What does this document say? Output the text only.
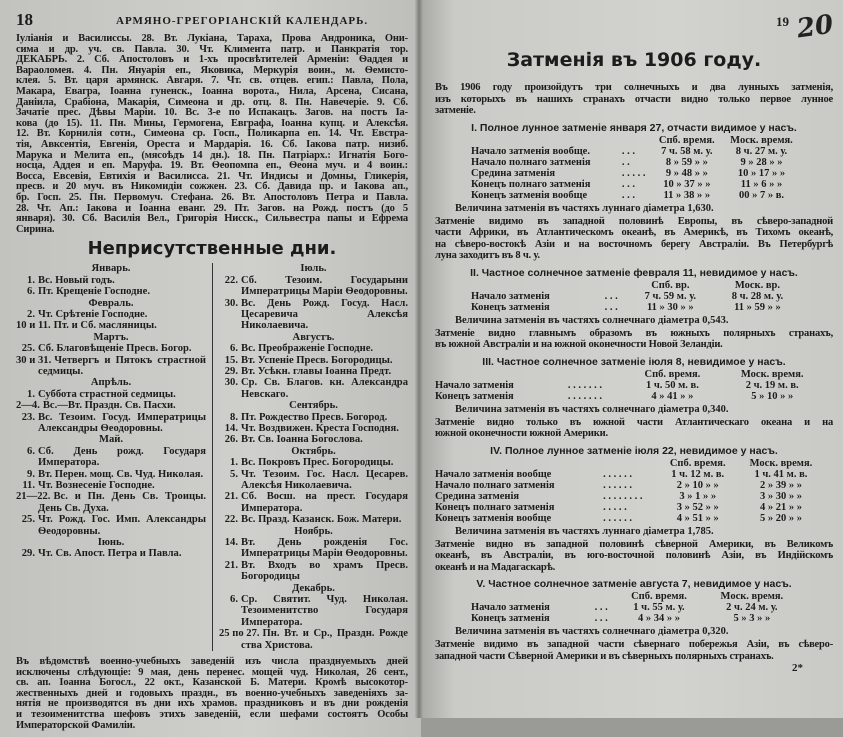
18	АРМЯНО-ГРЕГОРІАНСКІЙ КАЛЕНДАРЬ.
Іуліанія и Василиссы. 28. Вт. Лукіана, Тараха, Прова Андроника, Они-
сима и др. уч. св. Павла. 30. Чт. Климента патр. и Панкратія тор.
ДЕКАБРЬ. 2. Сб. Апостоловъ и 1-хъ просвѣтителей Арменіи: Ѳаддея и
Вараоломея. 4. Пн. Януарія еп., Яковика, Меркурія воин., м. Ѳемисто-
клея. 5. Вт. царя армянск. Авгаря. 7. Чт. св. отцев. егип.: Павла, Пола,
Макара, Евагра, Іоанна гуненск., Іоанна ворота., Нила, Арсена, Сисана,
Даніила, Срабіона, Макарія, Симеона и др. отц. 8. Пн. Навечеріе. 9. Сб.
Зачатіе прес. Дѣвы Маріи. 10. Вс. 3-е по Испакацъ. Загов. на постъ Іа-
кова (до 15). 11. Пн. Мины, Гермогена, Евграфа, Іоанна купц. и Алексѣя.
12. Вт. Корнилія сотн., Симеона ср. Госп., Поликарпа еп. 14. Чт. Евстра-
тія, Авксентія, Евгенія, Ореста и Мардарія. 16. Сб. Іакова патр. низиб.
Марука и Мелита еп., (мясоѣдъ 14 дн.). 18. Пн. Патріарх.: Игнатія Бого-
носца, Аддея и еп. Маруфа. 19. Вт. Ѳеопомпа еп., Ѳеона муч. и 4 воин.:
Восса, Евсевія, Евтихія и Василисса. 21. Чт. Индисы и Домны, Гликерія,
пресв. и 20 муч. въ Никомидіи сожжен. 23. Сб. Давида пр. и Іакова ап.,
бр. Госп. 25. Пн. Первомуч. Стефана. 26. Вт. Апостоловъ Петра и Павла.
28. Чт. Ап.: Іакова и Іоанна еванг. 29. Пт. Загов. на Рожд. постъ (до 5
января). 30. Сб. Василія Вел., Григорія Нисск., Сильвестра папы и Ефрема
Сирина.
Неприсутственные дни.
Январь.
1. Вс. Новый годъ.
6. Пт. Крещеніе Господне.
Февраль.
2. Чт. Срѣтеніе Господне.
10 и 11. Пт. и Сб. масляницы.
Мартъ.
25. Сб. Благовѣщеніе Пресв. Богор.
30 и 31. Четвергъ и Пятокъ страстной седмицы.
Апрѣль.
1. Суббота страстной седмицы.
2—4. Вс.—Вт. Праздн. Св. Пасхи.
23. Вс. Тезоим. Госуд. Императрицы Александры Ѳеодоровны.
Май.
6. Сб. День рожд. Государя Императора.
9. Вт. Перен. мощ. Св. Чуд. Николая.
11. Чт. Вознесеніе Господне.
21—22. Вс. и Пн. День Св. Троицы. День Св. Духа.
25. Чт. Рожд. Гос. Имп. Александры Ѳеодоровны.
Іюнь.
29. Чт. Св. Апост. Петра и Павла.
Іюль.
22. Сб. Тезоим. Государыни Императрицы Маріи Ѳеодоровны.
30. Вс. День Рожд. Госуд. Насл. Цесаревича Алексѣя Николаевича.
Августъ.
6. Вс. Преображеніе Господне.
15. Вт. Успеніе Пресв. Богородицы.
29. Вт. Усѣкн. главы Іоанна Предт.
30. Ср. Св. Благов. кн. Александра Невскаго.
Сентябрь.
8. Пт. Рождество Пресв. Богород.
14. Чт. Воздвижен. Креста Господня.
26. Вт. Св. Іоанна Богослова.
Октябрь.
1. Вс. Покровъ Прес. Богородицы.
5. Чт. Тезоим. Гос. Насл. Цесарев. Алексѣя Николаевича.
21. Сб. Восш. на прест. Государя Императора.
22. Вс. Празд. Казанск. Бож. Матери.
Ноябрь.
14. Вт. День рожденія Гос. Императрицы Маріи Ѳеодоровны.
21. Вт. Входъ во храмъ Пресв. Богородицы
Декабрь.
6. Ср. Святит. Чуд. Николая. Тезоименитство Государя Императора.
25 по 27. Пн. Вт. и Ср., Праздн. Рожде ства Христова.
Въ вѣдомствѣ военно-учебныхъ заведеній изъ числа празднуемыхъ дней
исключены слѣдующіе: 9 мая, день перенес. мощей чуд. Николая, 26 сент.,
св. ап. Іоанна Богосл., 22 окт., Казанской Б. Матери. Кромѣ высокотор-
жественныхъ дней и годовыхъ праздн., въ военно-учебныхъ заведеніяхъ за-
нятія не производятся въ дни ихъ храмов. праздниковъ и въ дни рожденія
и тезоименитства шефовъ этихъ заведеній, если шефами состоятъ Особы
Императорской Фамиліи.
19 20
Затменія въ 1906 году.
Въ 1906 году произойдутъ три солнечныхъ и два лунныхъ затменія,
изъ которыхъ въ нашихъ странахъ отчасти видно только первое лунное
затменіе.
I. Полное лунное затменіе января 27, отчасти видимое у насъ.
		Спб. время.	Моск. время.
Начало затменія вообще.	. . .	7 ч. 58 м. у.	8 ч. 27 м. у.
Начало полнаго затменія	. .	8 » 59 » »	9 » 28 » »
Средина затменія	. . . . .	9 » 48 » »	10 » 17 » »
Конецъ полнаго затменія	. . .	10 » 37 » »	11 » 6 » »
Конецъ затменія вообще	. . .	11 » 38 » »	00 » 7 » в.
Величина затменія въ частяхъ луннаго діаметра 1,630.
Затменіе видимо въ западной половинѣ Европы, въ сѣверо-западной
части Африки, въ Атлантическомъ океанѣ, въ Америкѣ, въ Тихомъ океанѣ,
на сѣверо-востокѣ Азіи и на восточномъ берегу Австраліи. Въ Петербургѣ
луна заходитъ въ 8 ч. у.
II. Частное солнечное затменіе февраля 11, невидимое у насъ.
		Спб. вр.	Моск. вр.
Начало затменія	. . .	7 ч. 59 м. у.	8 ч. 28 м. у.
Конецъ затменія	. . .	11 » 30 » »	11 » 59 » »
Величина затменія въ частяхъ солнечнаго діаметра 0,543.
Затменіе видно главнымъ образомъ въ южныхъ полярныхъ странахъ,
въ южной Австраліи и на южной оконечности Новой Зеландіи.
III. Частное солнечное затменіе іюля 8, невидимое у насъ.
		Спб. время.	Моск. время.
Начало затменія	. . . . . . .	1 ч. 50 м. в.	2 ч. 19 м. в.
Конецъ затменія	. . . . . . .	4 » 41 » »	5 » 10 » »
Величина затменія въ частяхъ солнечнаго діаметра 0,340.
Затменіе видно только въ южной части Атлантическаго океана и на
южной оконечности южной Америки.
IV. Полное лунное затменіе іюля 22, невидимое у насъ.
		Спб. время.	Моск. время.
Начало затменія вообще	. . . . . .	1 ч. 12 м. в.	1 ч. 41 м. в.
Начало полнаго затменія	. . . . . .	2 » 10 » »	2 » 39 » »
Средина затменія	. . . . . . . .	3 » 1 » »	3 » 30 » »
Конецъ полнаго затменія	. . . . .	3 » 52 » »	4 » 21 » »
Конецъ затменія вообще	. . . . . .	4 » 51 » »	5 » 20 » »
Величина затменія въ частяхъ луннаго діаметра 1,785.
Затменіе видно въ западной половинѣ сѣверной Америки, въ Великомъ
океанѣ, въ Австраліи, въ юго-восточной половинѣ Азіи, въ Индійскомъ
океанѣ и на Мадагаскарѣ.
V. Частное солнечное затменіе августа 7, невидимое у насъ.
		Спб. время.	Моск. время.
Начало затменія	. . .	1 ч. 55 м. у.	2 ч. 24 м. у.
Конецъ затменія	. . .	4 » 34 » »	5 » 3 » »
Величина затменія въ частяхъ солнечнаго діаметра 0,320.
Затменіе видимо въ западной части сѣвернаго побережья Азіи, въ сѣверо-
западной части Сѣверной Америки и въ сѣверныхъ полярныхъ странахъ.
2*
